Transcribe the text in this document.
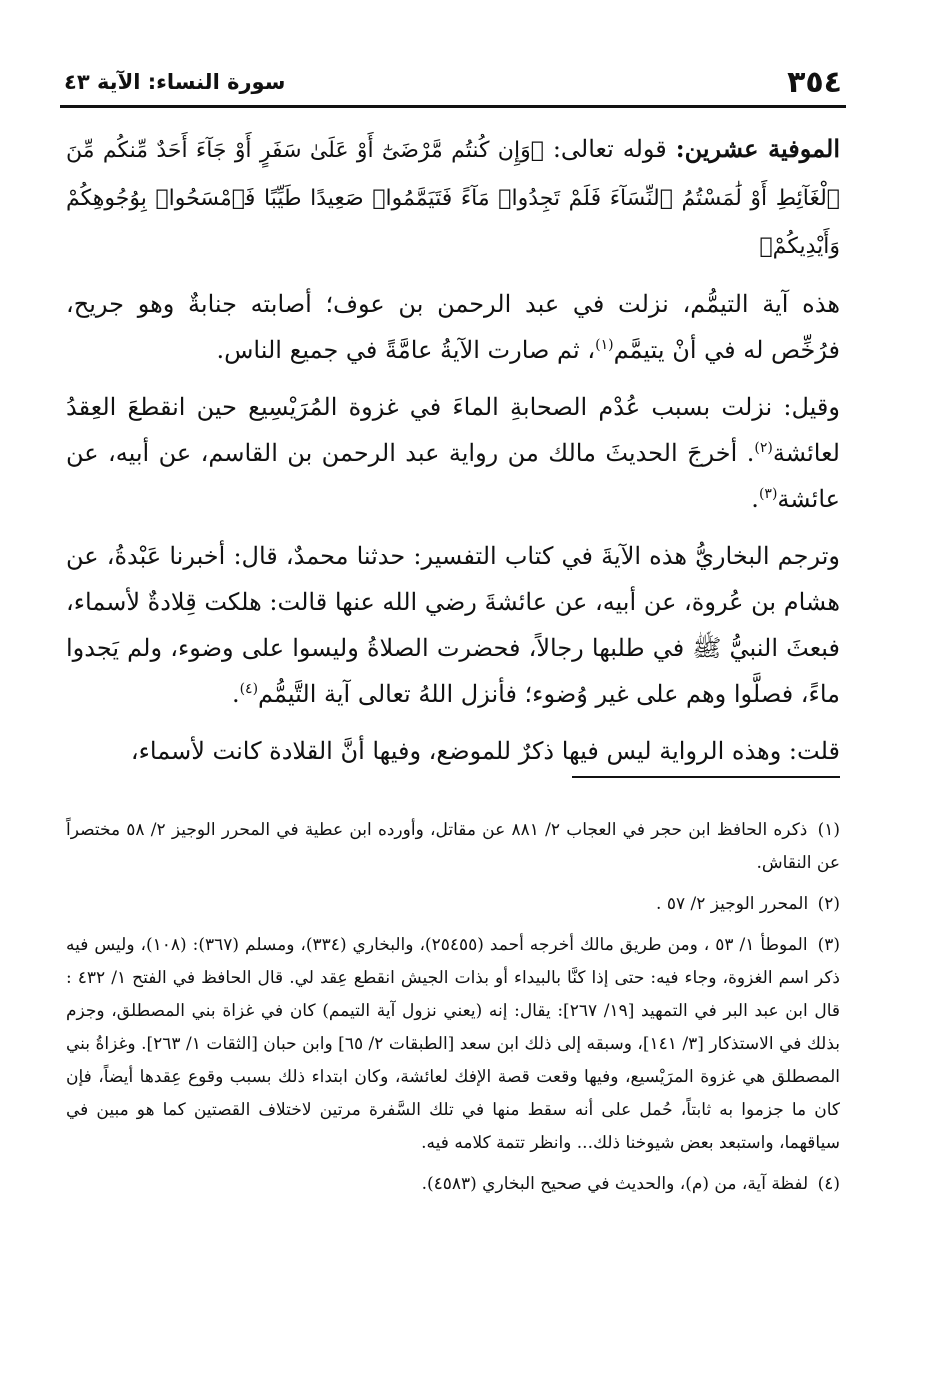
٣٥٤
سورة النساء: الآية ٤٣

الموفية عشرين: قوله تعالى: ﴿وَإِن كُنتُم مَّرْضَىٰٓ أَوْ عَلَىٰ سَفَرٍ أَوْ جَآءَ أَحَدٌ مِّنكُم مِّنَ ٱلْغَآئِطِ أَوْ لَٰمَسْتُمُ ٱلنِّسَآءَ فَلَمْ تَجِدُوا۟ مَآءً فَتَيَمَّمُوا۟ صَعِيدًا طَيِّبًا فَٱمْسَحُوا۟ بِوُجُوهِكُمْ وَأَيْدِيكُمْ﴾

هذه آية التيمُّم، نزلت في عبد الرحمن بن عوف؛ أصابته جنابةٌ وهو جريح، فرُخِّص له في أنْ يتيمَّم$^{(١)}$، ثم صارت الآيةُ عامَّةً في جميع الناس.

وقيل: نزلت بسبب عُدْم الصحابةِ الماءَ في غزوة المُرَيْسِيع حين انقطعَ العِقدُ لعائشة$^{(٢)}$. أخرجَ الحديثَ مالك من رواية عبد الرحمن بن القاسم، عن أبيه، عن عائشة$^{(٣)}$.

وترجم البخاريُّ هذه الآيةَ في كتاب التفسير: حدثنا محمدٌ، قال: أخبرنا عَبْدةُ، عن هشام بن عُروة، عن أبيه، عن عائشةَ رضي الله عنها قالت: هلكت قِلادةٌ لأسماء، فبعثَ النبيُّ ﷺ في طلبها رجالاً، فحضرت الصلاةُ وليسوا على وضوء، ولم يَجدوا ماءً، فصلَّوا وهم على غير وُضوء؛ فأنزل اللهُ تعالى آية التَّيمُّم$^{(٤)}$.

قلت: وهذه الرواية ليس فيها ذكرٌ للموضع، وفيها أنَّ القلادة كانت لأسماء،

(١) ذكره الحافظ ابن حجر في العجاب ٢/ ٨٨١ عن مقاتل، وأورده ابن عطية في المحرر الوجيز ٢/ ٥٨ مختصراً عن النقاش.
(٢) المحرر الوجيز ٢/ ٥٧ .
(٣) الموطأ ١/ ٥٣ ، ومن طريق مالك أخرجه أحمد (٢٥٤٥٥)، والبخاري (٣٣٤)، ومسلم (٣٦٧): (١٠٨)، وليس فيه ذكر اسم الغزوة، وجاء فيه: حتى إذا كنَّا بالبيداء أو بذات الجيش انقطع عِقد لي. قال الحافظ في الفتح ١/ ٤٣٢ : قال ابن عبد البر في التمهيد [١٩/ ٢٦٧]: يقال: إنه (يعني نزول آية التيمم) كان في غزاة بني المصطلق، وجزم بذلك في الاستذكار [٣/ ١٤١]، وسبقه إلى ذلك ابن سعد [الطبقات ٢/ ٦٥] وابن حبان [الثقات ١/ ٢٦٣]. وغزاةُ بني المصطلق هي غزوة المرَيْسيع، وفيها وقعت قصة الإفك لعائشة، وكان ابتداء ذلك بسبب وقوع عِقدها أيضاً، فإن كان ما جزموا به ثابتاً، حُمل على أنه سقط منها في تلك السَّفرة مرتين لاختلاف القصتين كما هو مبين في سياقهما، واستبعد بعض شيوخنا ذلك... وانظر تتمة كلامه فيه.
(٤) لفظة آية، من (م)، والحديث في صحيح البخاري (٤٥٨٣).
